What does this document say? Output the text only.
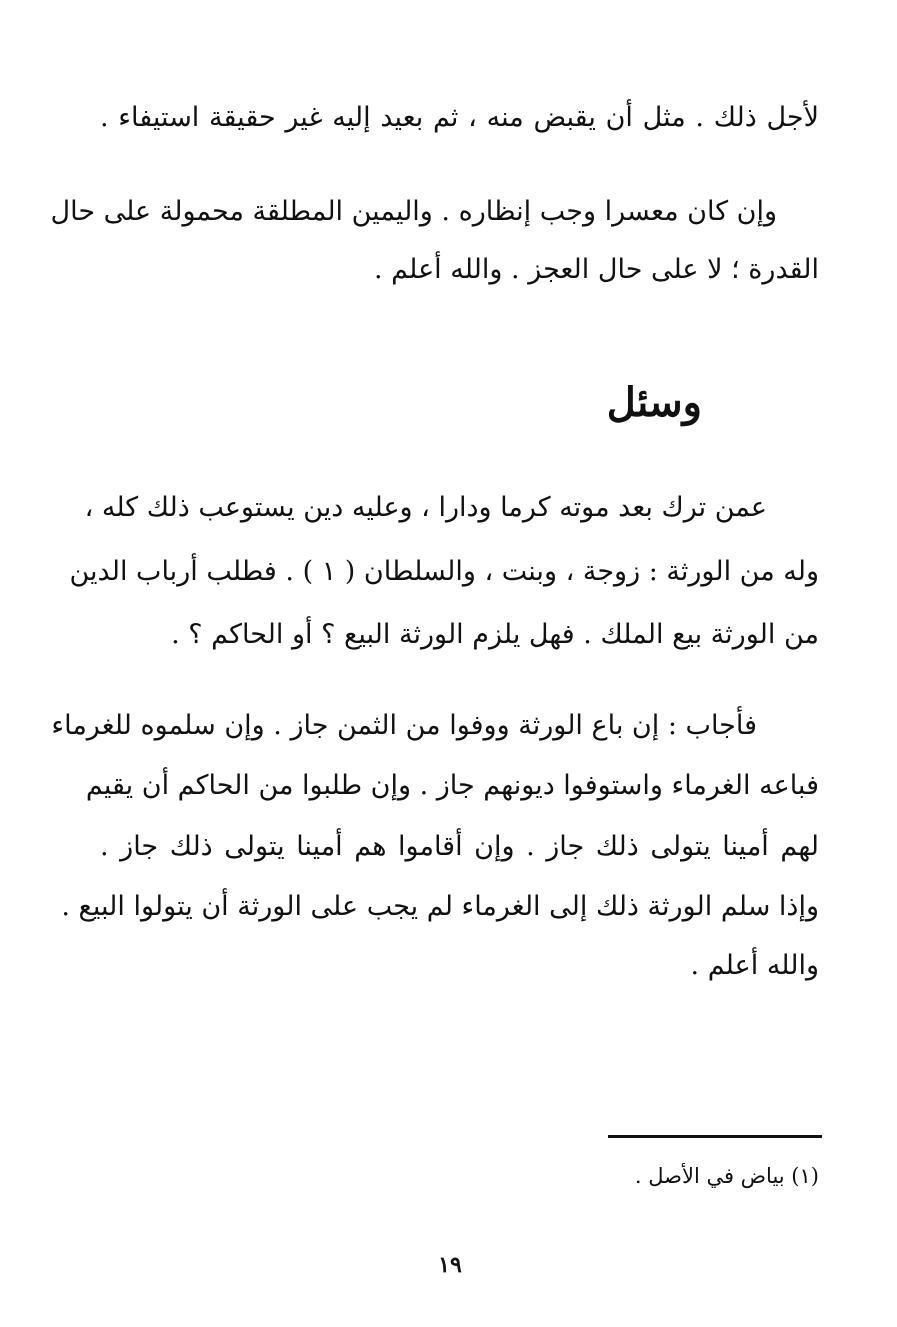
لأجل ذلك . مثل أن يقبض منه ، ثم بعيد إليه غير حقيقة استيفاء .
وإن كان معسرا وجب إنظاره . واليمين المطلقة محمولة على حال
القدرة ؛ لا على حال العجز . والله أعلم .
وسئل
عمن ترك بعد موته كرما ودارا ، وعليه دين يستوعب ذلك كله ،
وله من الورثة : زوجة ، وبنت ، والسلطان ( ١ ) . فطلب أرباب الدين
من الورثة بيع الملك . فهل يلزم الورثة البيع ؟ أو الحاكم ؟ .
فأجاب : إن باع الورثة ووفوا من الثمن جاز . وإن سلموه للغرماء
فباعه الغرماء واستوفوا ديونهم جاز . وإن طلبوا من الحاكم أن يقيم
لهم أمينا يتولى ذلك جاز . وإن أقاموا هم أمينا يتولى ذلك جاز .
وإذا سلم الورثة ذلك إلى الغرماء لم يجب على الورثة أن يتولوا البيع .
والله أعلم .
(١) بياض في الأصل .
١٩
